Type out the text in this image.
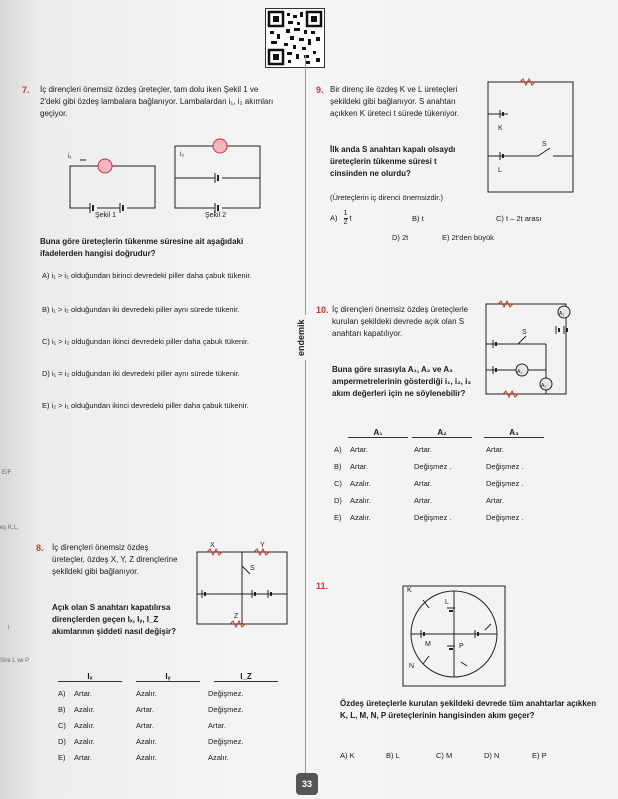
endemik
E/F
eş K,L,
i
Sire L ve P
7. İç dirençleri önemsiz özdeş üreteçler, tam dolu iken Şekil 1 ve 2'deki gibi özdeş lambalara bağlanıyor. Lambalardan i₁, i₂ akımları geçiyor.
i₁	i₂
Şekil 1	Şekil 2
Buna göre üreteçlerin tükenme süresine ait aşağıdaki ifadelerden hangisi doğrudur?
A) i₁ > i₂ olduğundan birinci devredeki piller daha çabuk tükenir.
B) i₁ > i₂ olduğundan iki devredeki piller aynı sürede tükenir.
C) i₁ > i₂ olduğundan ikinci devredeki piller daha çabuk tükenir.
D) i₁ = i₂ olduğundan iki devredeki piller aynı sürede tükenir.
E) i₂ > i₁ olduğundan ikinci devredeki piller daha çabuk tükenir.
8. İç dirençleri önemsiz özdeş üreteçler, özdeş X, Y, Z dirençlerine şekildeki gibi bağlanıyor.
Açık olan S anahtarı kapatılırsa dirençlerden geçen Iₓ, Iᵧ, I_Z akımlarının şiddeti nasıl değişir?
X	Y
S
Z
Iₓ	Iᵧ	I_Z
A) Artar.	Azalır.	Değişmez.
B) Azalır.	Artar.	Değişmez.
C) Azalır.	Artar.	Artar.
D) Azalır.	Azalır.	Değişmez.
E) Artar.	Azalır.	Azalır.
9. Bir direnç ile özdeş K ve L üreteçleri şekildeki gibi bağlanıyor. S anahtarı açıkken K üreteci t sürede tükeniyor.
İlk anda S anahtarı kapalı olsaydı üreteçlerin tükenme süresi t cinsinden ne olurdu?
(Üreteçlerin iç direnci önemsizdir.)
K
L
S
$A) \frac{1}{2}$ t	B) t	C) t – 2t arası
D) 2t	E) 2t'den büyük
10. İç dirençleri önemsiz özdeş üreteçlerle kurulan şekildeki devrede açık olan S anahtarı kapatılıyor.
Buna göre sırasıyla A₁, A₂ ve A₃ ampermetrelerinin gösterdiği i₁, i₂, i₃ akım değerleri için ne söylenebilir?
A₂
A₁
A₃
S
A₁	A₂	A₃
A) Artar.	Artar.	Artar.
B) Artar.	Değişmez .	Değişmez .
C) Azalır.	Artar.	Değişmez .
D) Azalır.	Artar.	Artar.
E) Azalır.	Değişmez .	Değişmez .
11.	K
L
M
N
P
Özdeş üreteçlerle kurulan şekildeki devrede tüm anahtarlar açıkken K, L, M, N, P üreteçlerinin hangisinden akım geçer?
A) K	B) L	C) M	D) N	E) P
33
